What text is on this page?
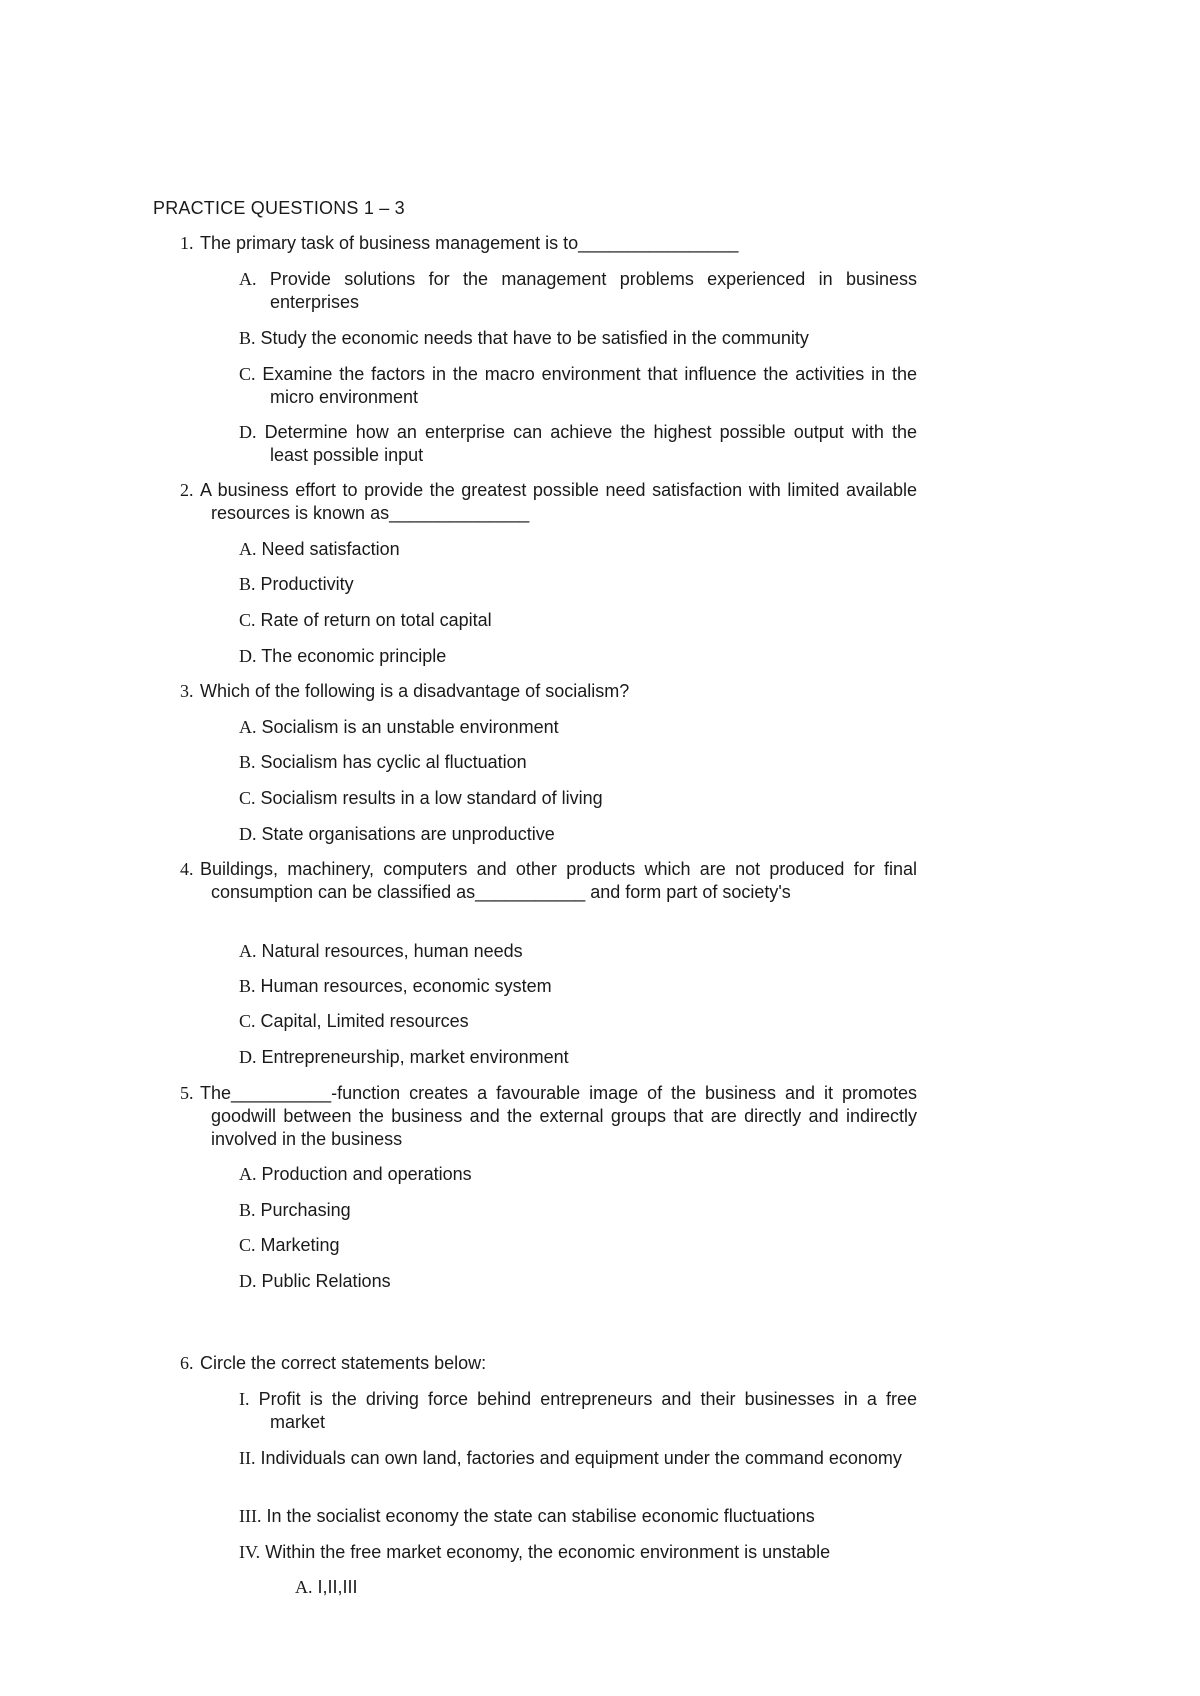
PRACTICE QUESTIONS 1 – 3
1. The primary task of business management is to________________
A. Provide solutions for the management problems experienced in business enterprises
B. Study the economic needs that have to be satisfied in the community
C. Examine the factors in the macro environment that influence the activities in the micro environment
D. Determine how an enterprise can achieve the highest possible output with the least possible input
2. A business effort to provide the greatest possible need satisfaction with limited available resources is known as______________
A. Need satisfaction
B. Productivity
C. Rate of return on total capital
D. The economic principle
3. Which of the following is a disadvantage of socialism?
A. Socialism is an unstable environment
B. Socialism has cyclic al fluctuation
C. Socialism results in a low standard of living
D. State organisations are unproductive
4. Buildings, machinery, computers and other products which are not produced for final consumption can be classified as___________ and form part of society's
A. Natural resources, human needs
B. Human resources, economic system
C. Capital, Limited resources
D. Entrepreneurship, market environment
5. The__________-function creates a favourable image of the business and it promotes goodwill between the business and the external groups that are directly and indirectly involved in the business
A. Production and operations
B. Purchasing
C. Marketing
D. Public Relations
6. Circle the correct statements below:
I. Profit is the driving force behind entrepreneurs and their businesses in a free market
II. Individuals can own land, factories and equipment under the command economy
III. In the socialist economy the state can stabilise economic fluctuations
IV. Within the free market economy, the economic environment is unstable
A. I,II,III
